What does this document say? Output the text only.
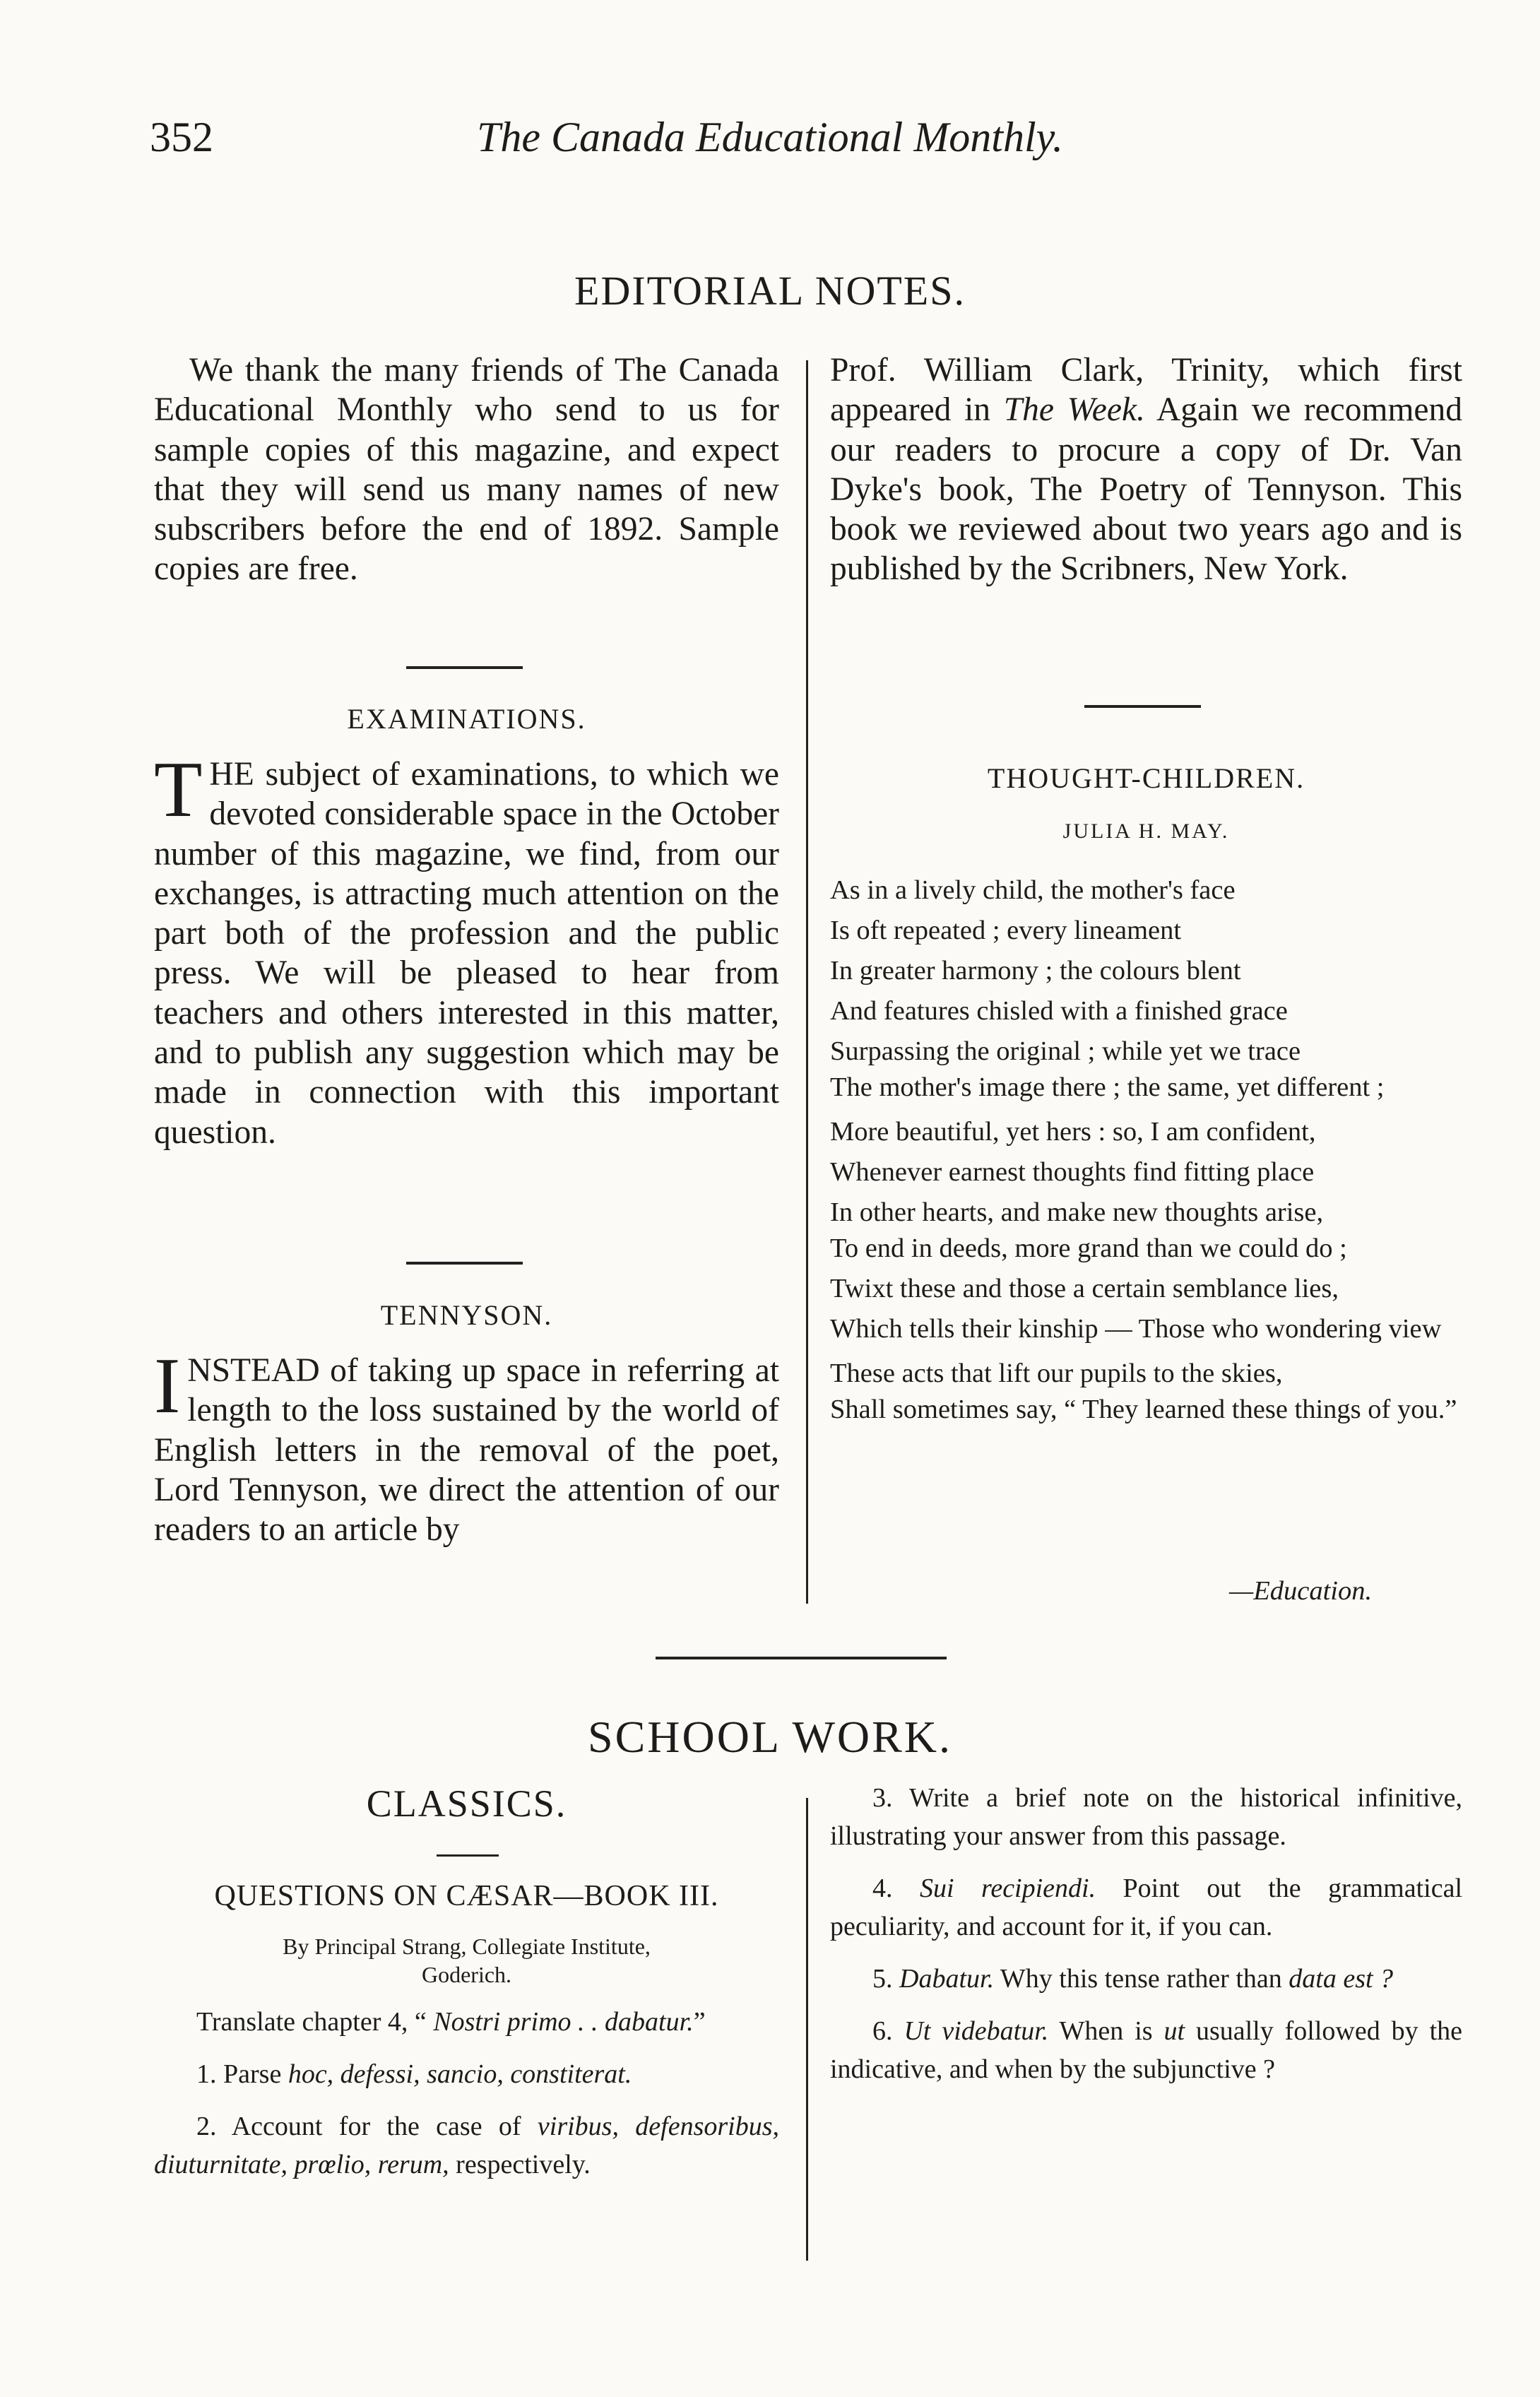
352	The Canada Educational Monthly.
EDITORIAL NOTES.

We thank the many friends of The Canada Educational Monthly who send to us for sample copies of this magazine, and expect that they will send us many names of new subscribers before the end of 1892. Sample copies are free.

EXAMINATIONS.

THE subject of examinations, to which we devoted considerable space in the October number of this magazine, we find, from our exchanges, is attracting much attention on the part both of the profession and the public press. We will be pleased to hear from teachers and others interested in this matter, and to publish any suggestion which may be made in connection with this important question.

TENNYSON.

INSTEAD of taking up space in referring at length to the loss sustained by the world of English letters in the removal of the poet, Lord Tennyson, we direct the attention of our readers to an article by

Prof. William Clark, Trinity, which first appeared in The Week. Again we recommend our readers to procure a copy of Dr. Van Dyke's book, The Poetry of Tennyson. This book we reviewed about two years ago and is published by the Scribners, New York.

THOUGHT-CHILDREN.
JULIA H. MAY.
As in a lively child, the mother's face
Is oft repeated ; every lineament
In greater harmony ; the colours blent
And features chisled with a finished grace
Surpassing the original ; while yet we trace
The mother's image there ; the same, yet different ;
More beautiful, yet hers : so, I am confident,
Whenever earnest thoughts find fitting place
In other hearts, and make new thoughts arise,
To end in deeds, more grand than we could do ;
Twixt these and those a certain semblance lies,
Which tells their kinship — Those who wondering view
These acts that lift our pupils to the skies,
Shall sometimes say, “ They learned these things of you.”
—Education.
SCHOOL WORK.
CLASSICS.
QUESTIONS ON CÆSAR—BOOK III.

By Principal Strang, Collegiate Institute,

Goderich.

Translate chapter 4, “ Nostri primo . . dabatur.”

1. Parse hoc, defessi, sancio, constiterat.

2. Account for the case of viribus, defensoribus, diuturnitate, prœlio, rerum, respectively.

3. Write a brief note on the historical infinitive, illustrating your answer from this passage.

4. Sui recipiendi. Point out the grammatical peculiarity, and account for it, if you can.

5. Dabatur. Why this tense rather than data est ?

6. Ut videbatur. When is ut usually followed by the indicative, and when by the subjunctive ?
